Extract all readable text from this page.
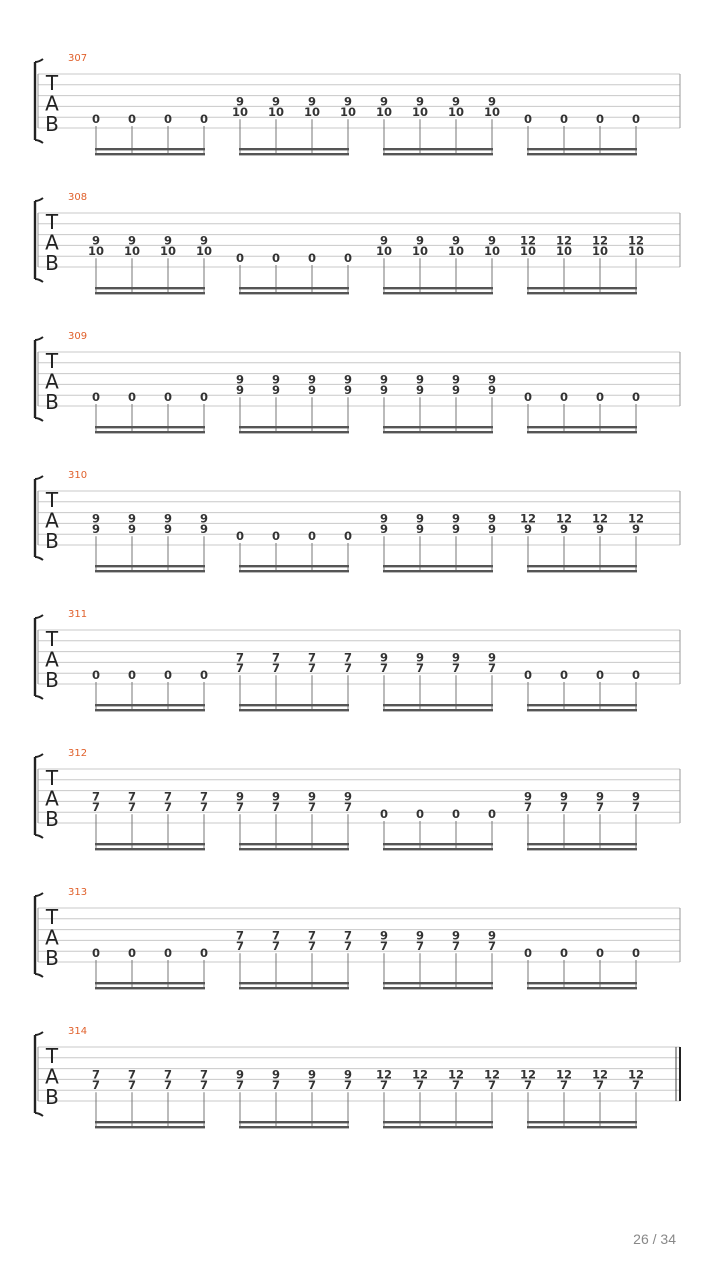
T
A
B
307
0 0 0 0
9
10
9
10
9
10
9
10
9
10
9
10
9
10
9
10 0 0 0 0
T
A
B
308
9
10
9
10
9
10
9
10 0 0 0 0
9
10
9
10
9
10
9
10
12
10
12
10
12
10
12
10
T
A
B
309
0 0 0 0
9
9
9
9
9
9
9
9
9
9
9
9
9
9
9
9 0 0 0 0
T
A
B
310
9
9
9
9
9
9
9
9 0 0 0 0
9
9
9
9
9
9
9
9
12
9
12
9
12
9
12
9
T
A
B
311
0 0 0 0
7
7
7
7
7
7
7
7
9
7
9
7
9
7
9
7 0 0 0 0
T
A
B
312
7
7
7
7
7
7
7
7
9
7
9
7
9
7
9
7 0 0 0 0
9
7
9
7
9
7
9
7
T
A
B
313
0 0 0 0
7
7
7
7
7
7
7
7
9
7
9
7
9
7
9
7 0 0 0 0
T
A
B
314
7
7
7
7
7
7
7
7
9
7
9
7
9
7
9
7
12
7
12
7
12
7
12
7
12
7
12
7
12
7
12
7
26 / 34
